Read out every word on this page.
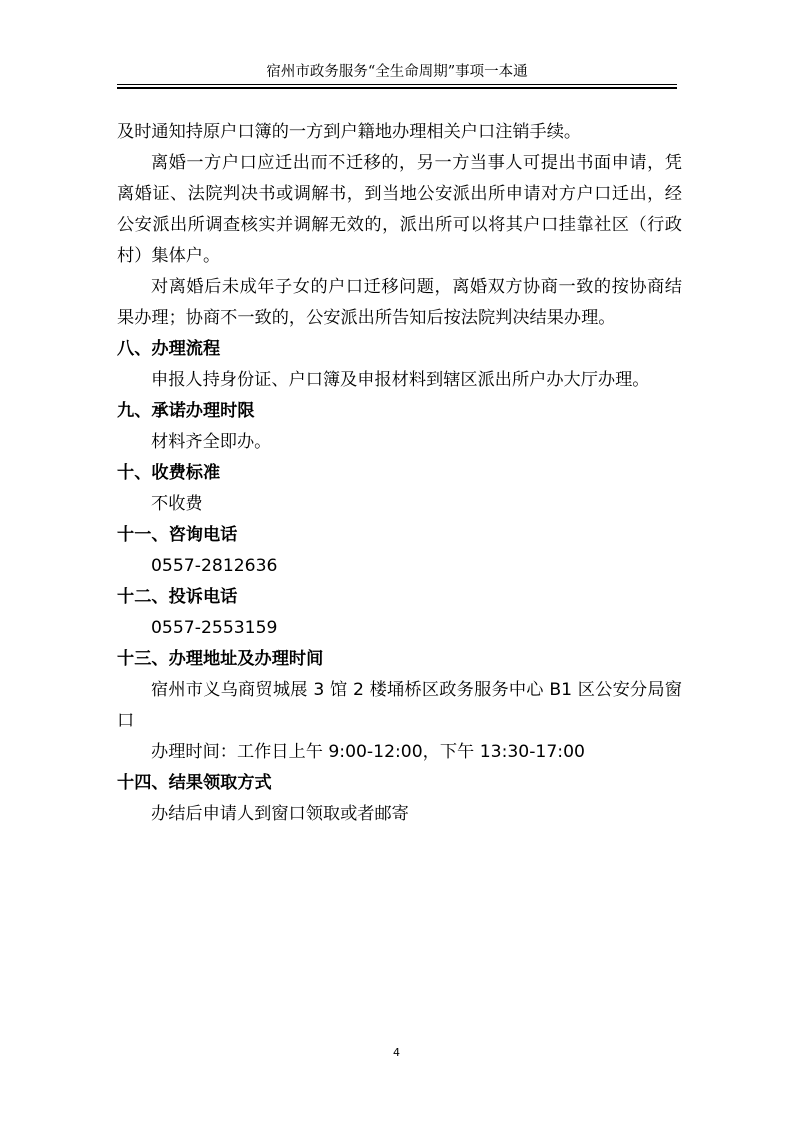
宿州市政务服务“全生命周期”事项一本通

及时通知持原户口簿的一方到户籍地办理相关户口注销手续。

离婚一方户口应迁出而不迁移的，另一方当事人可提出书面申请，凭离婚证、法院判决书或调解书，到当地公安派出所申请对方户口迁出，经公安派出所调查核实并调解无效的，派出所可以将其户口挂靠社区（行政村）集体户。

对离婚后未成年子女的户口迁移问题，离婚双方协商一致的按协商结果办理；协商不一致的，公安派出所告知后按法院判决结果办理。

八、办理流程

申报人持身份证、户口簿及申报材料到辖区派出所户办大厅办理。

九、承诺办理时限

材料齐全即办。

十、收费标准

不收费

十一、咨询电话

0557-2812636

十二、投诉电话

0557-2553159

十三、办理地址及办理时间

宿州市义乌商贸城展 3 馆 2 楼埇桥区政务服务中心 B1 区公安分局窗口

办理时间：工作日上午 9:00-12:00，下午 13:30-17:00

十四、结果领取方式

办结后申请人到窗口领取或者邮寄

4
